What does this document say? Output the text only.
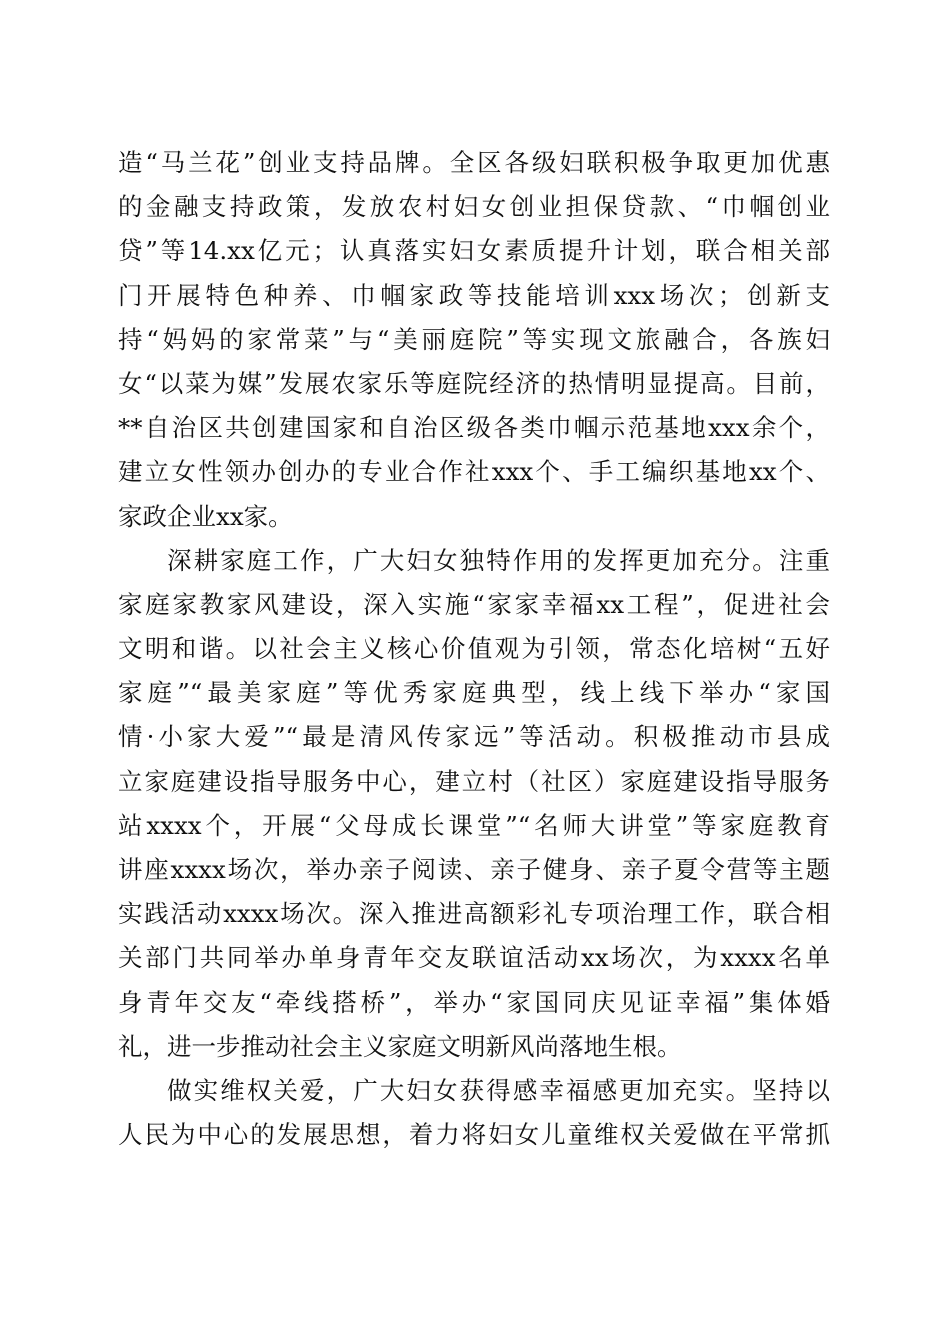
造“马兰花”创业支持品牌。全区各级妇联积极争取更加优惠
的金融支持政策，发放农村妇女创业担保贷款、“巾帼创业
贷”等14.xx亿元；认真落实妇女素质提升计划，联合相关部
门开展特色种养、巾帼家政等技能培训xxx场次；创新支
持“妈妈的家常菜”与“美丽庭院”等实现文旅融合，各族妇
女“以菜为媒”发展农家乐等庭院经济的热情明显提高。目前，
**自治区共创建国家和自治区级各类巾帼示范基地xxx余个，
建立女性领办创办的专业合作社xxx个、手工编织基地xx个、
家政企业xx家。
深耕家庭工作，广大妇女独特作用的发挥更加充分。注重
家庭家教家风建设，深入实施“家家幸福xx工程”，促进社会
文明和谐。以社会主义核心价值观为引领，常态化培树“五好
家庭”“最美家庭”等优秀家庭典型，线上线下举办“家国
情·小家大爱”“最是清风传家远”等活动。积极推动市县成
立家庭建设指导服务中心，建立村（社区）家庭建设指导服务
站xxxx个，开展“父母成长课堂”“名师大讲堂”等家庭教育
讲座xxxx场次，举办亲子阅读、亲子健身、亲子夏令营等主题
实践活动xxxx场次。深入推进高额彩礼专项治理工作，联合相
关部门共同举办单身青年交友联谊活动xx场次，为xxxx名单
身青年交友“牵线搭桥”，举办“家国同庆见证幸福”集体婚
礼，进一步推动社会主义家庭文明新风尚落地生根。
做实维权关爱，广大妇女获得感幸福感更加充实。坚持以
人民为中心的发展思想，着力将妇女儿童维权关爱做在平常抓
